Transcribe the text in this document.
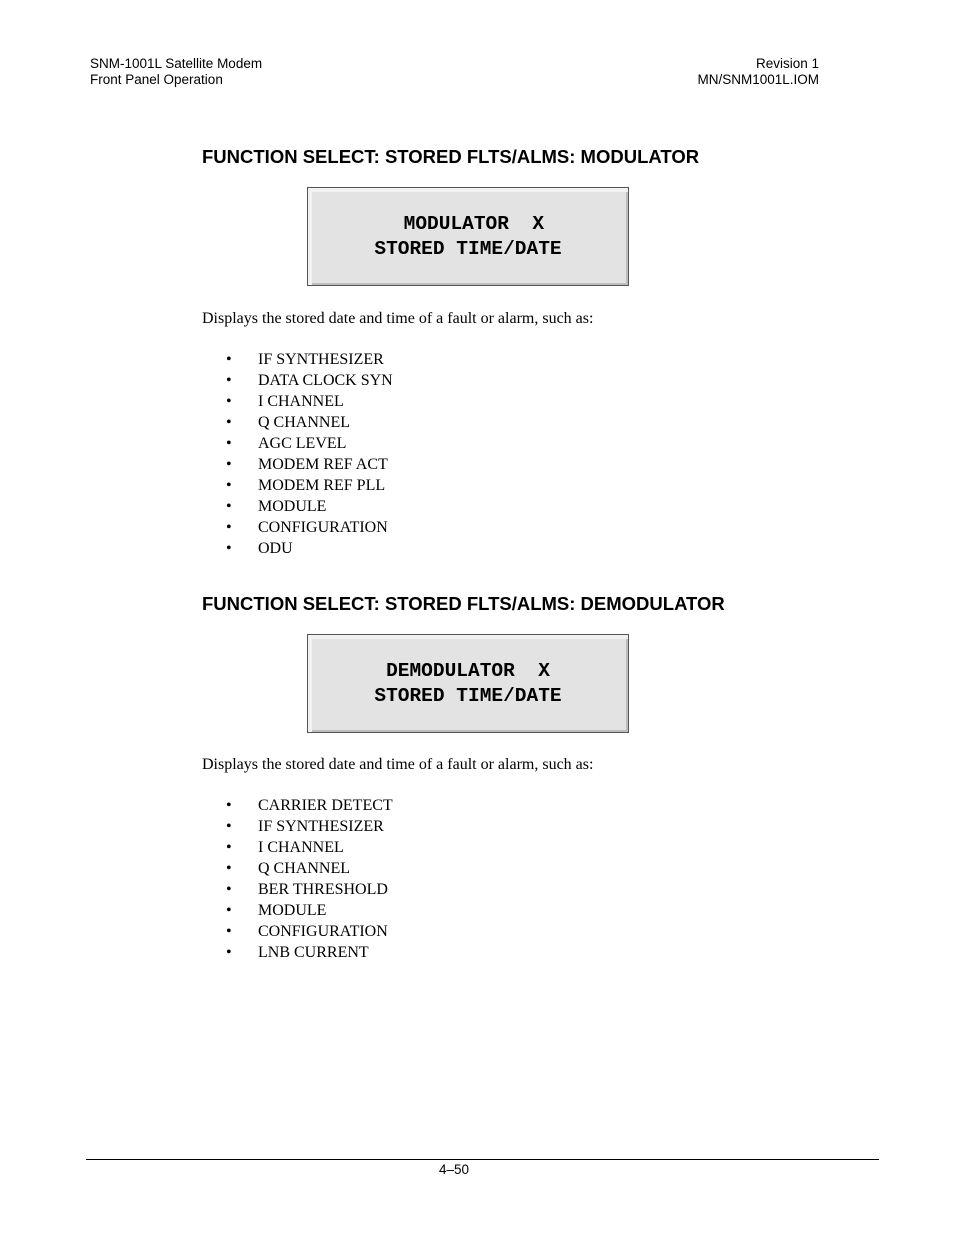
SNM-1001L Satellite Modem
Front Panel Operation
Revision 1
MN/SNM1001L.IOM
FUNCTION SELECT: STORED FLTS/ALMS: MODULATOR
MODULATOR  X
STORED TIME/DATE

Displays the stored date and time of a fault or alarm, such as:

• IF SYNTHESIZER
• DATA CLOCK SYN
• I CHANNEL
• Q CHANNEL
• AGC LEVEL
• MODEM REF ACT
• MODEM REF PLL
• MODULE
• CONFIGURATION
• ODU
FUNCTION SELECT: STORED FLTS/ALMS: DEMODULATOR
DEMODULATOR  X
STORED TIME/DATE

Displays the stored date and time of a fault or alarm, such as:

• CARRIER DETECT
• IF SYNTHESIZER
• I CHANNEL
• Q CHANNEL
• BER THRESHOLD
• MODULE
• CONFIGURATION
• LNB CURRENT
4–50
